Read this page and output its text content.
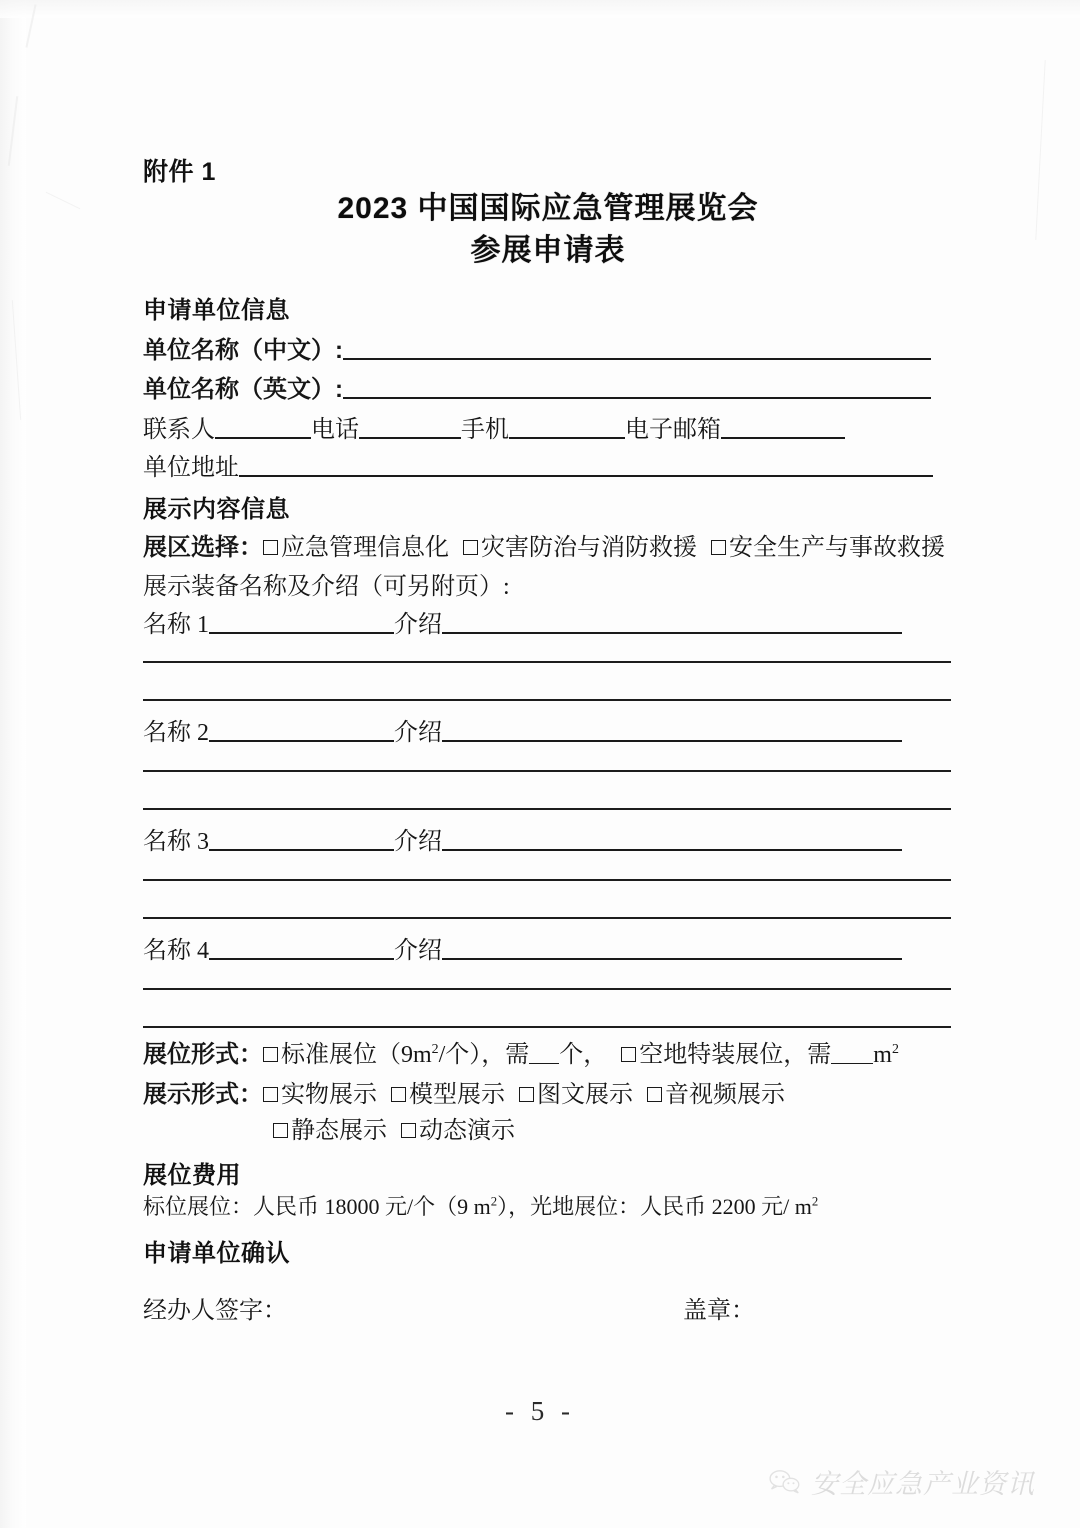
附件 1
2023 中国国际应急管理展览会
参展申请表
申请单位信息
单位名称（中文）:
单位名称（英文）:
联系人	电话	手机	电子邮箱
单位地址
展示内容信息
展区选择： 应急管理信息化 灾害防治与消防救援 安全生产与事故救援
展示装备名称及介绍（可另附页）:
名称 1	介绍
名称 2	介绍
名称 3	介绍
名称 4	介绍
展位形式： 标准展位（$9m^2/$个），需 个， 空地特装展位，需 $m^2$
展示形式： 实物展示 模型展示 图文展示 音视频展示
静态展示 动态演示
展位费用
标位展位：人民币 18000 元/个（9 $m^2$），光地展位：人民币 2200 元/ $m^2$
申请单位确认
经办人签字：	盖章：
- 5 -
安全应急产业资讯
